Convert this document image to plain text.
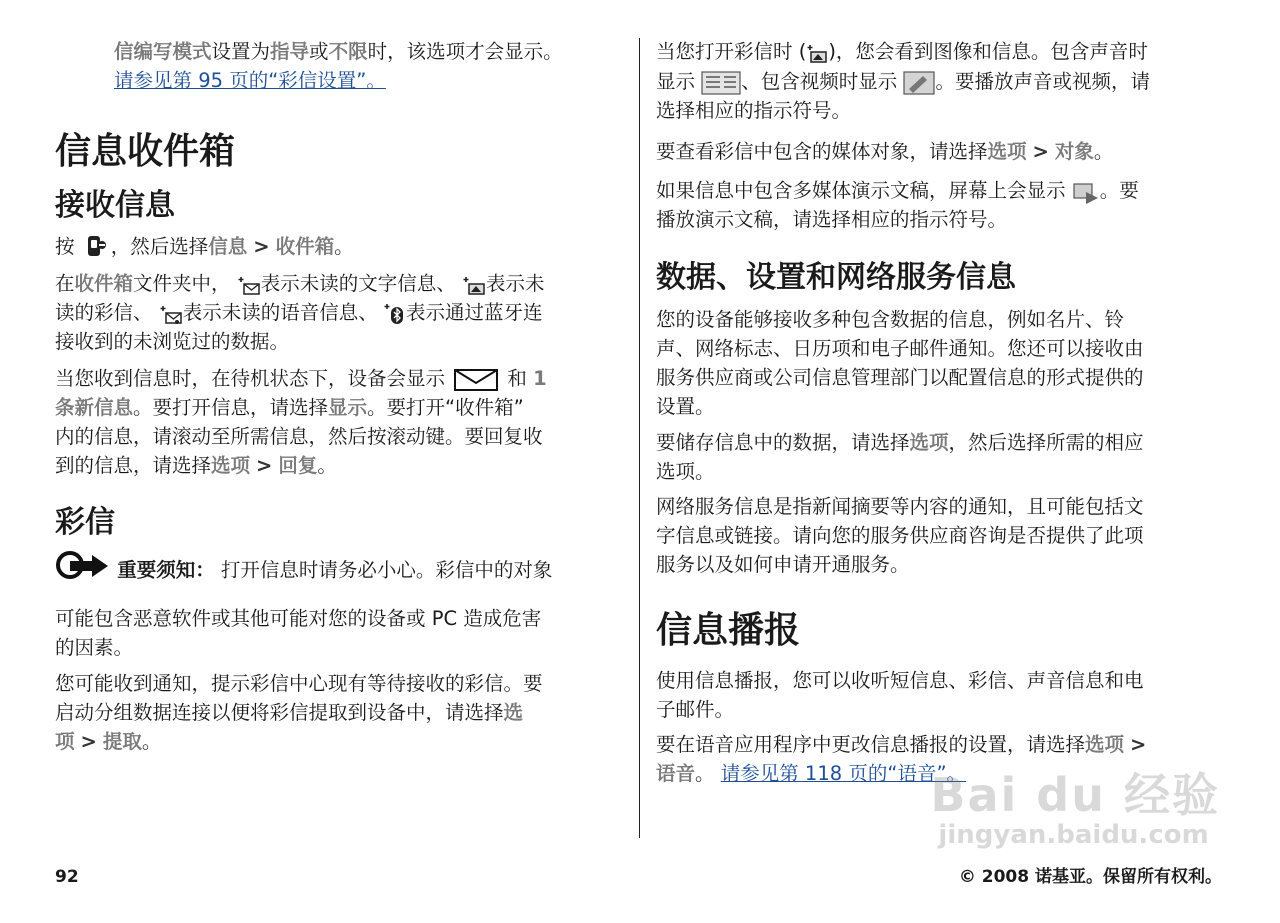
信编写模式设置为指导或不限时，该选项才会显示。
请参见第 95 页的“彩信设置”。
信息收件箱
接收信息
按 ，然后选择信息 > 收件箱。
在收件箱文件夹中， 表示未读的文字信息、 表示未
读的彩信、 表示未读的语音信息、 表示通过蓝牙连
接收到的未浏览过的数据。
当您收到信息时，在待机状态下，设备会显示	和 1
条新信息。要打开信息，请选择显示。要打开“收件箱”
内的信息，请滚动至所需信息，然后按滚动键。要回复收
到的信息，请选择选项 > 回复。
彩信
重要须知： 打开信息时请务必小心。彩信中的对象
可能包含恶意软件或其他可能对您的设备或 PC 造成危害
的因素。
您可能收到通知，提示彩信中心现有等待接收的彩信。要
启动分组数据连接以便将彩信提取到设备中，请选择选
项 > 提取。
当您打开彩信时 ( )，您会看到图像和信息。包含声音时
显示 、包含视频时显示 。要播放声音或视频，请
选择相应的指示符号。
要查看彩信中包含的媒体对象，请选择选项 > 对象。
如果信息中包含多媒体演示文稿，屏幕上会显示 。要
播放演示文稿，请选择相应的指示符号。
数据、设置和网络服务信息
您的设备能够接收多种包含数据的信息，例如名片、铃
声、网络标志、日历项和电子邮件通知。您还可以接收由
服务供应商或公司信息管理部门以配置信息的形式提供的
设置。
要储存信息中的数据，请选择选项，然后选择所需的相应
选项。
网络服务信息是指新闻摘要等内容的通知，且可能包括文
字信息或链接。请向您的服务供应商咨询是否提供了此项
服务以及如何申请开通服务。
信息播报
使用信息播报，您可以收听短信息、彩信、声音信息和电
子邮件。
要在语音应用程序中更改信息播报的设置，请选择选项 >
语音。 请参见第 118 页的“语音”。
92	© 2008 诺基亚。保留所有权利。
Bai du 经验
jingyan.baidu.com
